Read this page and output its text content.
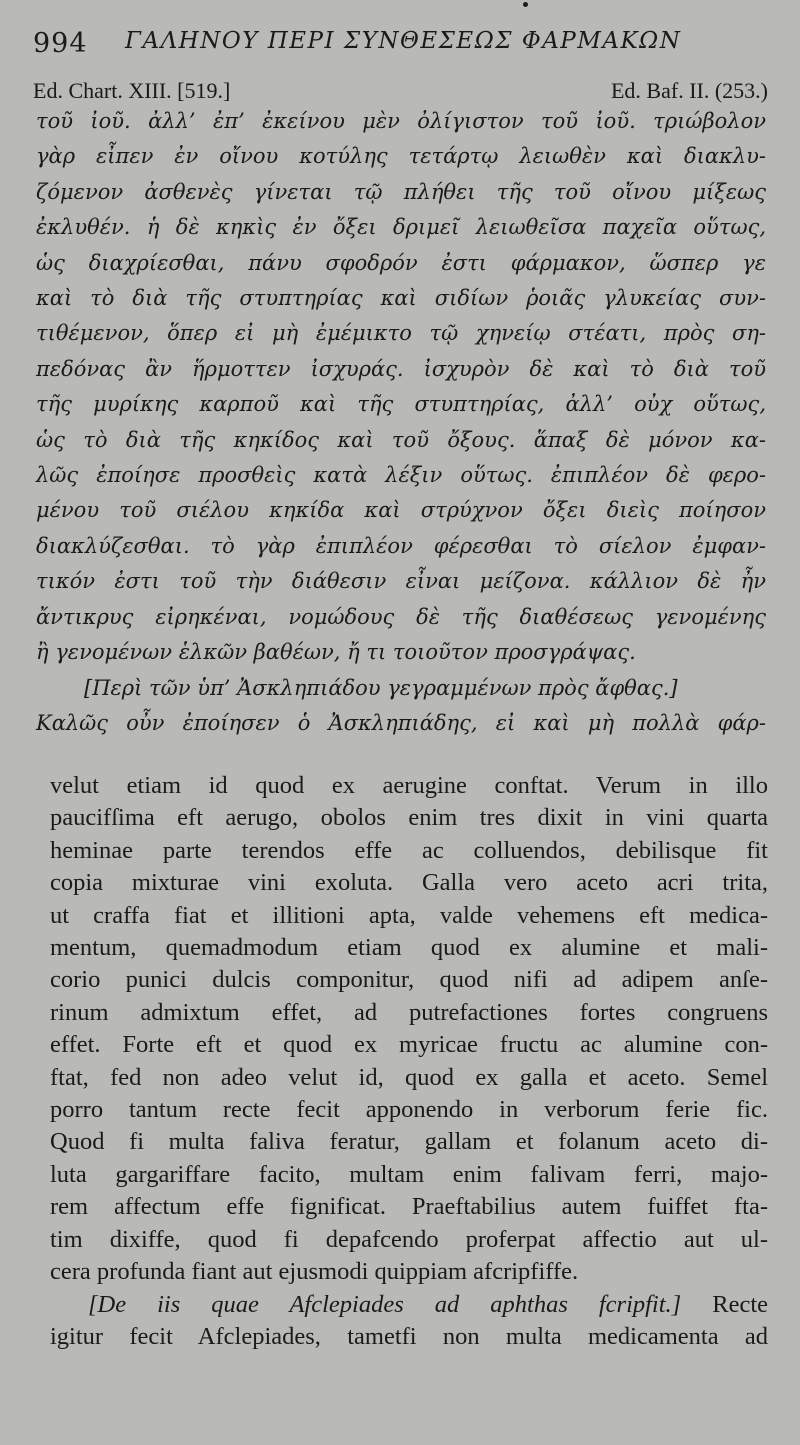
994 ΓΑΛΗΝΟΥ ΠΕΡΙ ΣΥΝΘΕΣΕΩΣ ΦΑΡΜΑΚΩΝ
Ed. Chart. XIII. [519.]	Ed. Baf. II. (253.)
τοῦ ἰοῦ. ἀλλ’ ἐπ’ ἐκείνου μὲν ὀλίγιστον τοῦ ἰοῦ. τριώβολον
γὰρ εἶπεν ἐν οἴνου κοτύλης τετάρτῳ λειωθὲν καὶ διακλυ-
ζόμενον ἀσθενὲς γίνεται τῷ πλήθει τῆς τοῦ οἴνου μίξεως
ἐκλυθέν. ἡ δὲ κηκὶς ἐν ὄξει δριμεῖ λειωθεῖσα παχεῖα οὕτως,
ὡς διαχρίεσθαι, πάνυ σφοδρόν ἐστι φάρμακον, ὥσπερ γε
καὶ τὸ διὰ τῆς στυπτηρίας καὶ σιδίων ῥοιᾶς γλυκείας συν-
τιθέμενον, ὅπερ εἰ μὴ ἐμέμικτο τῷ χηνείῳ στέατι, πρὸς ση-
πεδόνας ἂν ἥρμοττεν ἰσχυράς. ἰσχυρὸν δὲ καὶ τὸ διὰ τοῦ
τῆς μυρίκης καρποῦ καὶ τῆς στυπτηρίας, ἀλλ’ οὐχ οὕτως,
ὡς τὸ διὰ τῆς κηκίδος καὶ τοῦ ὄξους. ἅπαξ δὲ μόνον κα-
λῶς ἐποίησε προσθεὶς κατὰ λέξιν οὕτως. ἐπιπλέον δὲ φερο-
μένου τοῦ σιέλου κηκίδα καὶ στρύχνον ὄξει διεὶς ποίησον
διακλύζεσθαι. τὸ γὰρ ἐπιπλέον φέρεσθαι τὸ σίελον ἐμφαν-
τικόν ἐστι τοῦ τὴν διάθεσιν εἶναι μείζονα. κάλλιον δὲ ἦν
ἄντικρυς εἰρηκέναι, νομώδους δὲ τῆς διαθέσεως γενομένης
ἢ γενομένων ἑλκῶν βαθέων, ἤ τι τοιοῦτον προσγράψας.
[Περὶ τῶν ὑπ’ Ἀσκληπιάδου γεγραμμένων πρὸς ἄφθας.]
Καλῶς οὖν ἐποίησεν ὁ Ἀσκληπιάδης, εἰ καὶ μὴ πολλὰ φάρ-
velut etiam id quod ex aerugine conftat. Verum in illo
paucifſima eft aerugo, obolos enim tres dixit in vini quarta
heminae parte terendos effe ac colluendos, debilisque fit
copia mixturae vini exoluta. Galla vero aceto acri trita,
ut craffa fiat et illitioni apta, valde vehemens eft medica-
mentum, quemadmodum etiam quod ex alumine et mali-
corio punici dulcis componitur, quod nifi ad adipem anſe-
rinum admixtum effet, ad putrefactiones fortes congruens
effet. Forte eft et quod ex myricae fructu ac alumine con-
ftat, fed non adeo velut id, quod ex galla et aceto. Semel
porro tantum recte fecit apponendo in verborum ferie fic.
Quod fi multa faliva feratur, gallam et folanum aceto di-
luta gargariffare facito, multam enim falivam ferri, majo-
rem affectum effe fignificat. Praeftabilius autem fuiffet fta-
tim dixiffe, quod fi depafcendo proferpat affectio aut ul-
cera profunda fiant aut ejusmodi quippiam afcripfiffe.
[De iis quae Afclepiades ad aphthas fcripfit.] Recte
igitur fecit Afclepiades, tametfi non multa medicamenta ad
